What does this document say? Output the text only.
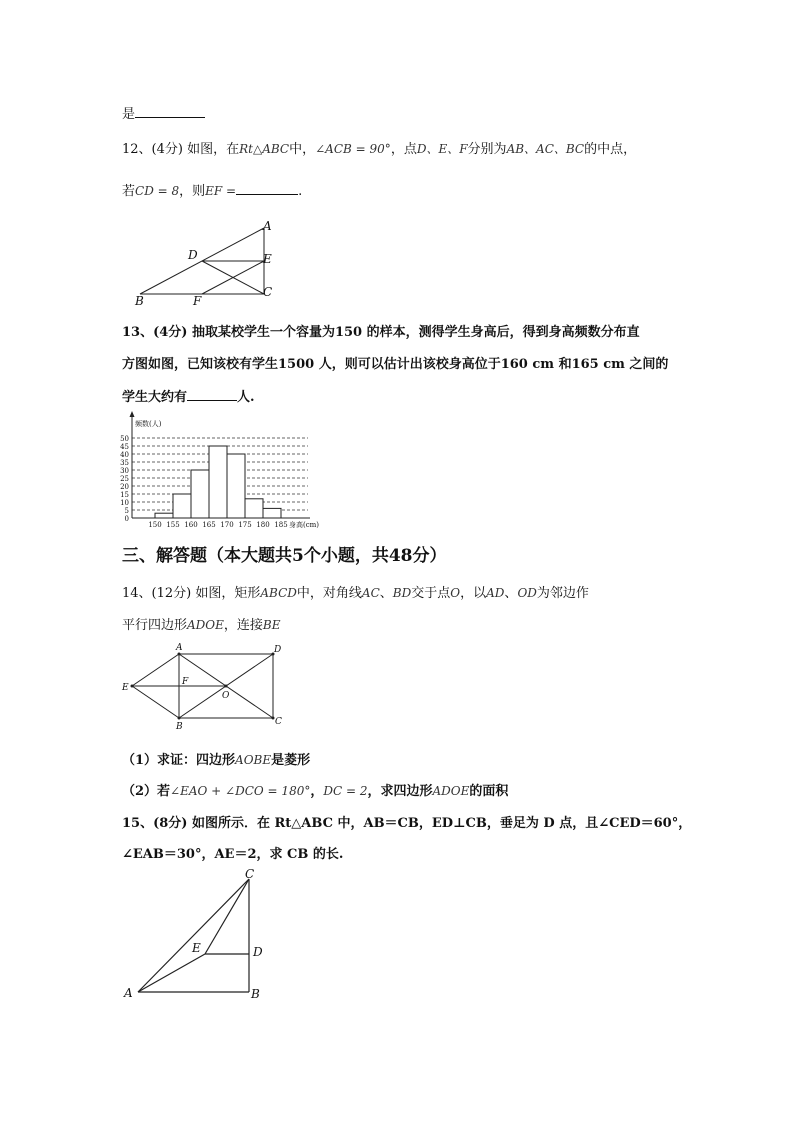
是
12、(4分) 如图，在Rt△ABC中，∠ACB = 90°，点D、E、F分别为AB、AC、BC的中点，
若CD = 8，则EF =	.
A
D	E
B	F
C
13、(4分) 抽取某校学生一个容量为150 的样本，测得学生身高后，得到身高频数分布直
方图如图，已知该校有学生1500 人，则可以估计出该校身高位于160 cm 和165 cm 之间的
学生大约有	人.
0
5
10
15
20
25
30
35
40
45
50
频数(人)
150 155 160 165 170 175 180 185 身高(cm)
三、解答题（本大题共5个小题，共48分）
14、(12分) 如图，矩形ABCD中，对角线AC、BD交于点O，以AD、OD为邻边作
平行四边形ADOE，连接BE
A	D
E
F
O
B	C
（1）求证：四边形AOBE是菱形
（2）若∠EAO + ∠DCO = 180°，DC = 2，求四边形ADOE的面积
15、(8分) 如图所示．在 Rt△ABC 中，AB＝CB，ED⊥CB，垂足为 D 点，且∠CED＝60°，
∠EAB＝30°，AE＝2，求 CB 的长.
C
E	D
A	B
